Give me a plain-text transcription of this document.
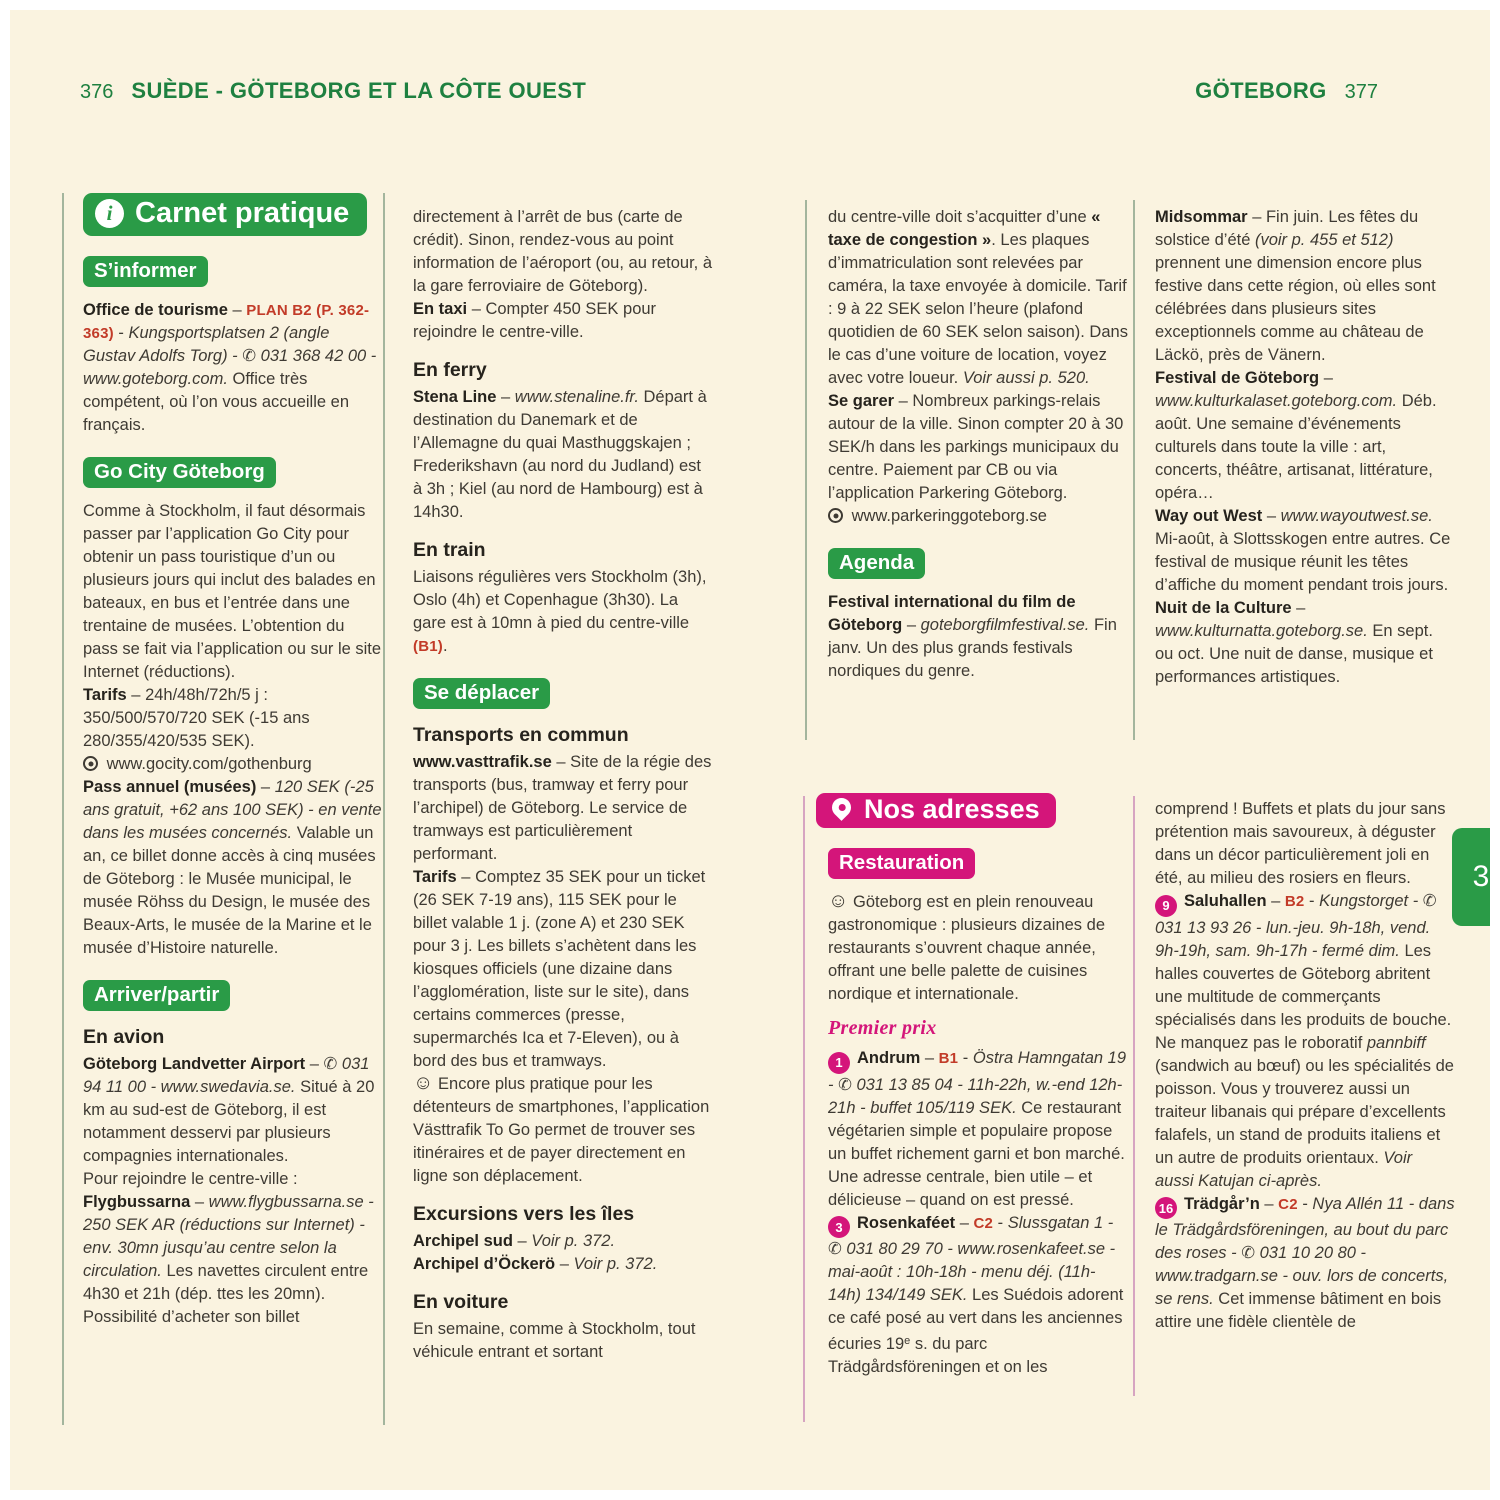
376 SUÈDE - GÖTEBORG ET LA CÔTE OUEST	GÖTEBORG 377
i Carnet pratique
S’informer
Office de tourisme – PLAN B2 (P. 362-363) - Kungsportsplatsen 2 (angle Gustav Adolfs Torg) - ✆ 031 368 42 00 - www.goteborg.com. Office très compétent, où l’on vous accueille en français.
Go City Göteborg
Comme à Stockholm, il faut désormais passer par l’application Go City pour obtenir un pass touristique d’un ou plusieurs jours qui inclut des balades en bateaux, en bus et l’entrée dans une trentaine de musées. L’obtention du pass se fait via l’application ou sur le site Internet (réductions).
Tarifs – 24h/48h/72h/5 j : 350/500/570/720 SEK (-15 ans 280/355/420/535 SEK).
www.gocity.com/gothenburg
Pass annuel (musées) – 120 SEK (-25 ans gratuit, +62 ans 100 SEK) - en vente dans les musées concernés. Valable un an, ce billet donne accès à cinq musées de Göteborg : le Musée municipal, le musée Röhss du Design, le musée des Beaux-Arts, le musée de la Marine et le musée d’Histoire naturelle.
Arriver/partir
En avion
Göteborg Landvetter Airport – ✆ 031 94 11 00 - www.swedavia.se. Situé à 20 km au sud-est de Göteborg, il est notamment desservi par plusieurs compagnies internationales.
Pour rejoindre le centre-ville :
Flygbussarna – www.flygbussarna.se - 250 SEK AR (réductions sur Internet) - env. 30mn jusqu’au centre selon la circulation. Les navettes circulent entre 4h30 et 21h (dép. ttes les 20mn). Possibilité d’acheter son billet
directement à l’arrêt de bus (carte de crédit). Sinon, rendez-vous au point information de l’aéroport (ou, au retour, à la gare ferroviaire de Göteborg).
En taxi – Compter 450 SEK pour rejoindre le centre-ville.
En ferry
Stena Line – www.stenaline.fr. Départ à destination du Danemark et de l’Allemagne du quai Masthuggskajen ; Frederikshavn (au nord du Judland) est à 3h ; Kiel (au nord de Hambourg) est à 14h30.
En train
Liaisons régulières vers Stockholm (3h), Oslo (4h) et Copenhague (3h30). La gare est à 10mn à pied du centre-ville (B1).
Se déplacer
Transports en commun
www.vasttrafik.se – Site de la régie des transports (bus, tramway et ferry pour l’archipel) de Göteborg. Le service de tramways est particulièrement performant.
Tarifs – Comptez 35 SEK pour un ticket (26 SEK 7-19 ans), 115 SEK pour le billet valable 1 j. (zone A) et 230 SEK pour 3 j. Les billets s’achètent dans les kiosques officiels (une dizaine dans l’agglomération, liste sur le site), dans certains commerces (presse, supermarchés Ica et 7-Eleven), ou à bord des bus et tramways.
☺ Encore plus pratique pour les détenteurs de smartphones, l’application Västtrafik To Go permet de trouver ses itinéraires et de payer directement en ligne son déplacement.
Excursions vers les îles
Archipel sud – Voir p. 372.
Archipel d’Öckerö – Voir p. 372.
En voiture
En semaine, comme à Stockholm, tout véhicule entrant et sortant
du centre-ville doit s’acquitter d’une « taxe de congestion ». Les plaques d’immatriculation sont relevées par caméra, la taxe envoyée à domicile. Tarif : 9 à 22 SEK selon l’heure (plafond quotidien de 60 SEK selon saison). Dans le cas d’une voiture de location, voyez avec votre loueur. Voir aussi p. 520.
Se garer – Nombreux parkings-relais autour de la ville. Sinon compter 20 à 30 SEK/h dans les parkings municipaux du centre. Paiement par CB ou via l’application Parkering Göteborg.
www.parkeringgoteborg.se
Agenda
Festival international du film de Göteborg – goteborgfilmfestival.se. Fin janv. Un des plus grands festivals nordiques du genre.
Nos adresses
Restauration
☺ Göteborg est en plein renouveau gastronomique : plusieurs dizaines de restaurants s’ouvrent chaque année, offrant une belle palette de cuisines nordique et internationale.
Premier prix
1 Andrum – B1 - Östra Hamngatan 19 - ✆ 031 13 85 04 - 11h-22h, w.-end 12h-21h - buffet 105/119 SEK. Ce restaurant végétarien simple et populaire propose un buffet richement garni et bon marché. Une adresse centrale, bien utile – et délicieuse – quand on est pressé.
3 Rosenkaféet – C2 - Slussgatan 1 - ✆ 031 80 29 70 - www.rosenkafeet.se - mai-août : 10h-18h - menu déj. (11h-14h) 134/149 SEK. Les Suédois adorent ce café posé au vert dans les anciennes écuries 19e s. du parc Trädgårdsföreningen et on les
Midsommar – Fin juin. Les fêtes du solstice d’été (voir p. 455 et 512) prennent une dimension encore plus festive dans cette région, où elles sont célébrées dans plusieurs sites exceptionnels comme au château de Läckö, près de Vänern.
Festival de Göteborg – www.kulturkalaset.goteborg.com. Déb. août. Une semaine d’événements culturels dans toute la ville : art, concerts, théâtre, artisanat, littérature, opéra…
Way out West – www.wayoutwest.se. Mi-août, à Slottsskogen entre autres. Ce festival de musique réunit les têtes d’affiche du moment pendant trois jours.
Nuit de la Culture – www.kulturnatta.goteborg.se. En sept. ou oct. Une nuit de danse, musique et performances artistiques.
comprend ! Buffets et plats du jour sans prétention mais savoureux, à déguster dans un décor particulièrement joli en été, au milieu des rosiers en fleurs.
9 Saluhallen – B2 - Kungstorget - ✆ 031 13 93 26 - lun.-jeu. 9h-18h, vend. 9h-19h, sam. 9h-17h - fermé dim. Les halles couvertes de Göteborg abritent une multitude de commerçants spécialisés dans les produits de bouche. Ne manquez pas le roboratif pannbiff (sandwich au bœuf) ou les spécialités de poisson. Vous y trouverez aussi un traiteur libanais qui prépare d’excellents falafels, un stand de produits italiens et un autre de produits orientaux. Voir aussi Katujan ci-après.
16 Trädgår’n – C2 - Nya Allén 11 - dans le Trädgårdsföreningen, au bout du parc des roses - ✆ 031 10 20 80 - www.tradgarn.se - ouv. lors de concerts, se rens. Cet immense bâtiment en bois attire une fidèle clientèle de
3
